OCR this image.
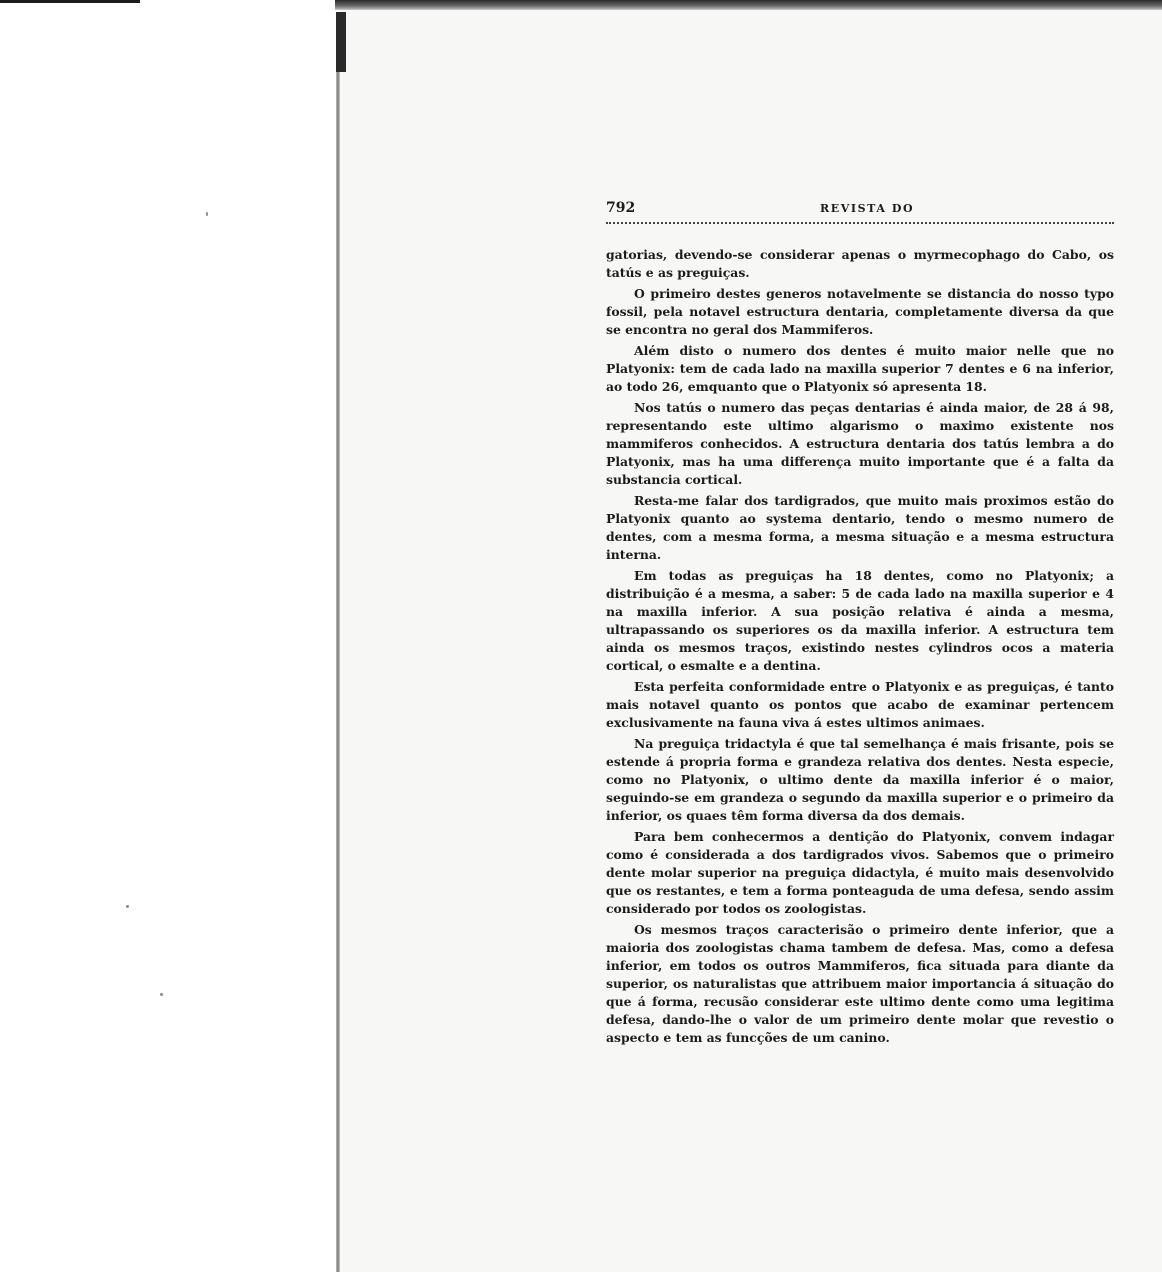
792	REVISTA DO

gatorias, devendo-se considerar apenas o myrmecophago do Cabo, os tatús e as preguiças.

O primeiro destes generos notavelmente se distancia do nosso typo fossil, pela notavel estructura dentaria, completamente diversa da que se encontra no geral dos Mammiferos.

Além disto o numero dos dentes é muito maior nelle que no Platyonix: tem de cada lado na maxilla superior 7 dentes e 6 na inferior, ao todo 26, emquanto que o Platyonix só apresenta 18.

Nos tatús o numero das peças dentarias é ainda maior, de 28 á 98, representando este ultimo algarismo o maximo existente nos mammiferos conhecidos. A estructura dentaria dos tatús lembra a do Platyonix, mas ha uma differença muito importante que é a falta da substancia cortical.

Resta-me falar dos tardigrados, que muito mais proximos estão do Platyonix quanto ao systema dentario, tendo o mesmo numero de dentes, com a mesma forma, a mesma situação e a mesma estructura interna.

Em todas as preguiças ha 18 dentes, como no Platyonix; a distribuição é a mesma, a saber: 5 de cada lado na maxilla superior e 4 na maxilla inferior. A sua posição relativa é ainda a mesma, ultrapassando os superiores os da maxilla inferior. A estructura tem ainda os mesmos traços, existindo nestes cylindros ocos a materia cortical, o esmalte e a dentina.

Esta perfeita conformidade entre o Platyonix e as preguiças, é tanto mais notavel quanto os pontos que acabo de examinar pertencem exclusivamente na fauna viva á estes ultimos animaes.

Na preguiça tridactyla é que tal semelhança é mais frisante, pois se estende á propria forma e grandeza relativa dos dentes. Nesta especie, como no Platyonix, o ultimo dente da maxilla inferior é o maior, seguindo-se em grandeza o segundo da maxilla superior e o primeiro da inferior, os quaes têm forma diversa da dos demais.

Para bem conhecermos a dentição do Platyonix, convem indagar como é considerada a dos tardigrados vivos. Sabemos que o primeiro dente molar superior na preguiça didactyla, é muito mais desenvolvido que os restantes, e tem a forma ponteaguda de uma defesa, sendo assim considerado por todos os zoologistas.

Os mesmos traços caracterisão o primeiro dente inferior, que a maioria dos zoologistas chama tambem de defesa. Mas, como a defesa inferior, em todos os outros Mammiferos, fica situada para diante da superior, os naturalistas que attribuem maior importancia á situação do que á forma, recusão considerar este ultimo dente como uma legitima defesa, dando-lhe o valor de um primeiro dente molar que revestio o aspecto e tem as funcções de um canino.
